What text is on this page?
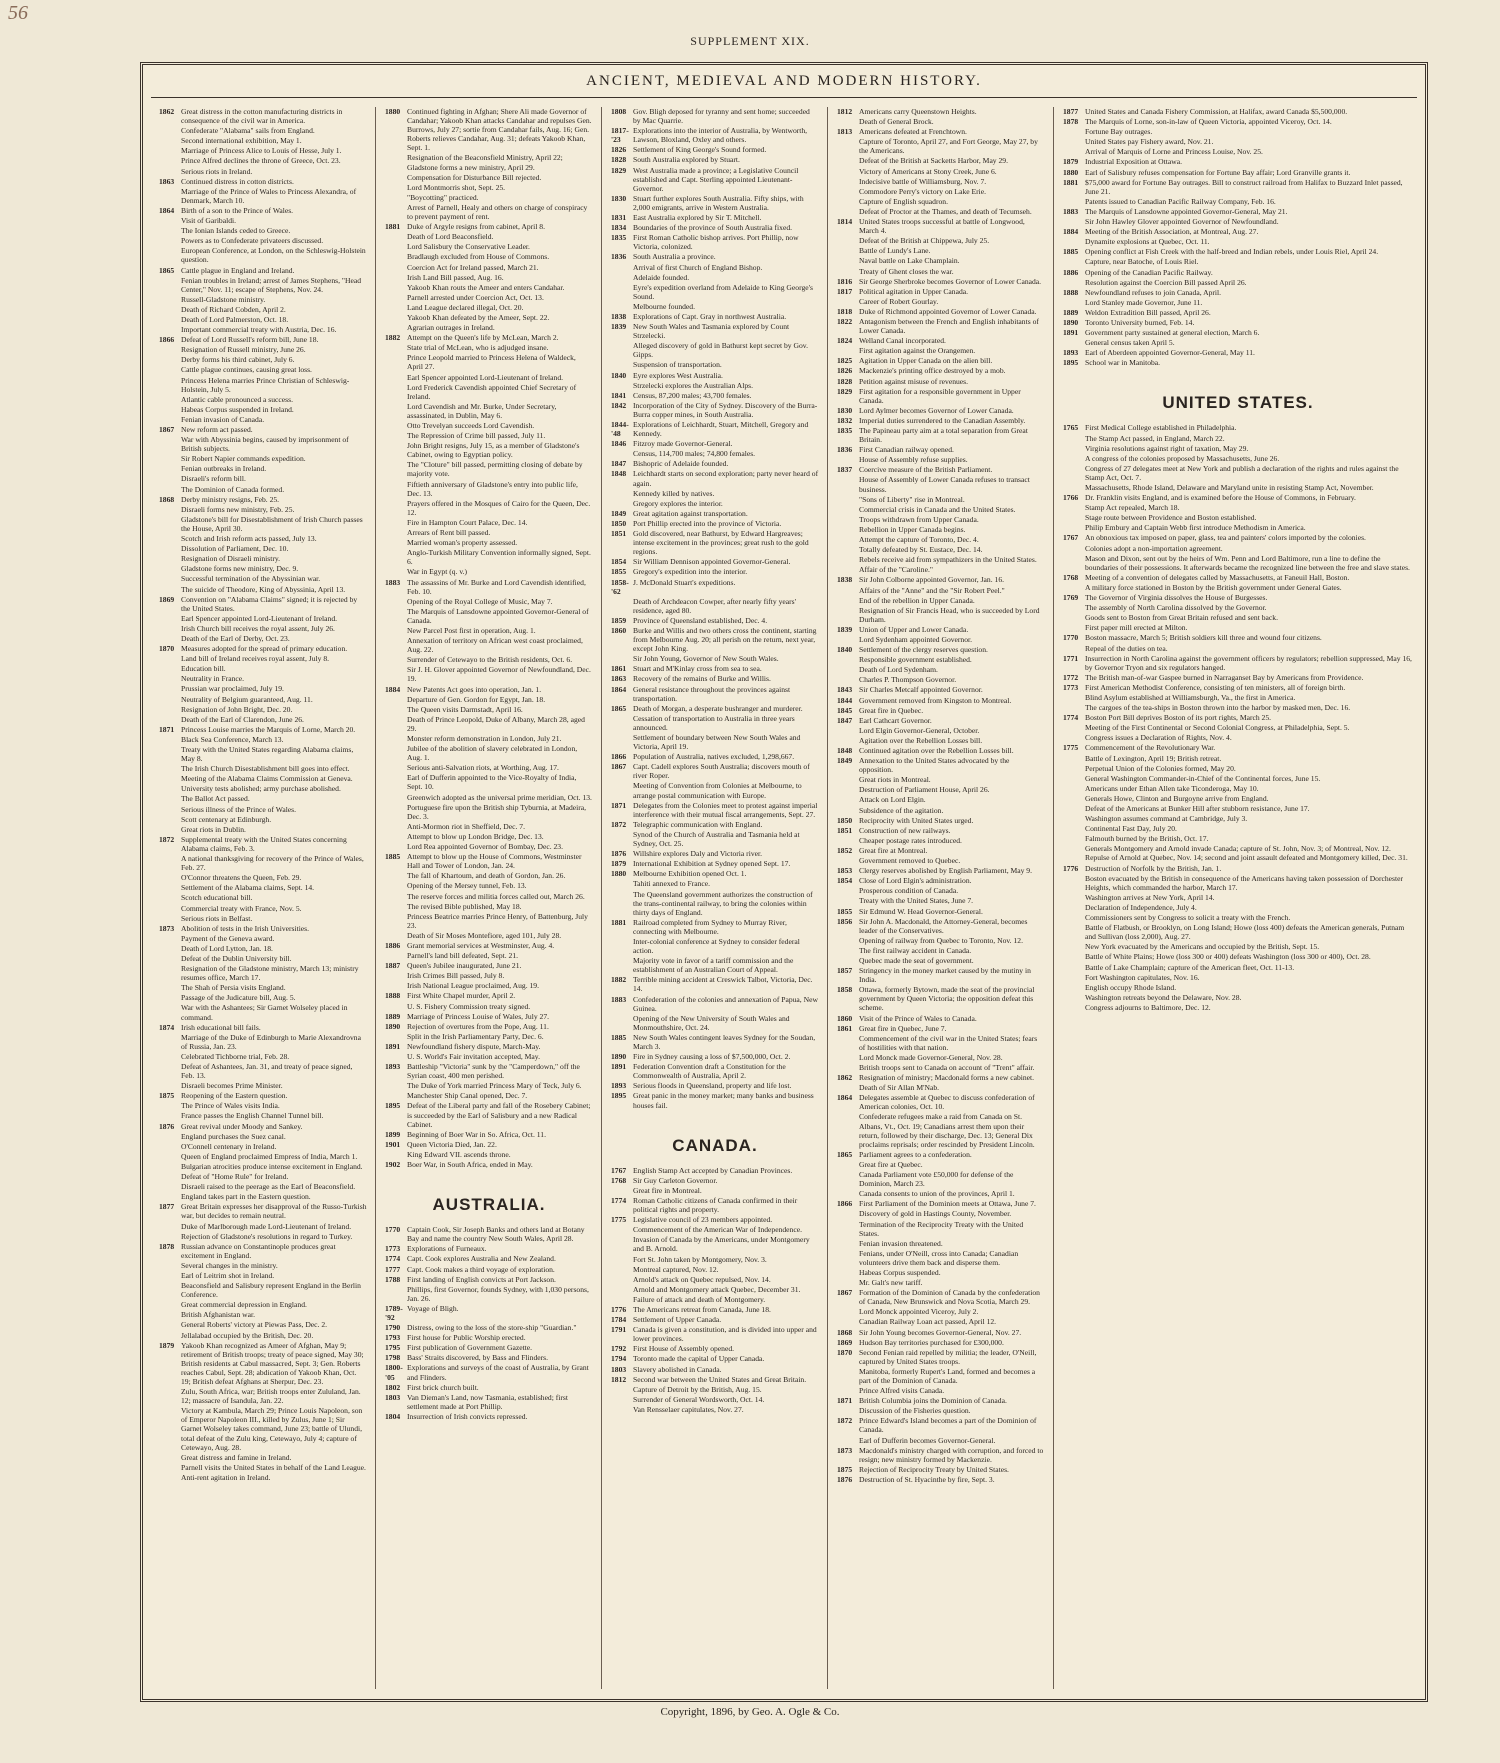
56
SUPPLEMENT XIX.
ANCIENT, MEDIEVAL AND MODERN HISTORY.
1862 Great distress in the cotton manufacturing districts in consequence of the civil war in America.
Confederate "Alabama" sails from England.
Second international exhibition, May 1.
Marriage of Princess Alice to Louis of Hesse, July 1.
Prince Alfred declines the throne of Greece, Oct. 23.
Serious riots in Ireland.
1863 Continued distress in cotton districts.
Marriage of the Prince of Wales to Princess Alexandra, of Denmark, March 10.
1864 Birth of a son to the Prince of Wales.
Visit of Garibaldi.
The Ionian Islands ceded to Greece.
Powers as to Confederate privateers discussed.
European Conference, at London, on the Schleswig-Holstein question.
1865 Cattle plague in England and Ireland.
Fenian troubles in Ireland; arrest of James Stephens, "Head Center," Nov. 11; escape of Stephens, Nov. 24.
Russell-Gladstone ministry.
Death of Richard Cobden, April 2.
Death of Lord Palmerston, Oct. 18.
Important commercial treaty with Austria, Dec. 16.
1866 Defeat of Lord Russell's reform bill, June 18.
Resignation of Russell ministry, June 26.
Derby forms his third cabinet, July 6.
Cattle plague continues, causing great loss.
Princess Helena marries Prince Christian of Schleswig-Holstein, July 5.
Atlantic cable pronounced a success.
Habeas Corpus suspended in Ireland.
Fenian invasion of Canada.
1867 New reform act passed.
War with Abyssinia begins, caused by imprisonment of British subjects.
Sir Robert Napier commands expedition.
Fenian outbreaks in Ireland.
Disraeli's reform bill.
The Dominion of Canada formed.
1868 Derby ministry resigns, Feb. 25.
Disraeli forms new ministry, Feb. 25.
Gladstone's bill for Disestablishment of Irish Church passes the House, April 30.
Scotch and Irish reform acts passed, July 13.
Dissolution of Parliament, Dec. 10.
Resignation of Disraeli ministry.
Gladstone forms new ministry, Dec. 9.
Successful termination of the Abyssinian war.
The suicide of Theodore, King of Abyssinia, April 13.
1869 Convention on "Alabama Claims" signed; it is rejected by the United States.
Earl Spencer appointed Lord-Lieutenant of Ireland.
Irish Church bill receives the royal assent, July 26.
Death of the Earl of Derby, Oct. 23.
1870 Measures adopted for the spread of primary education.
Land bill of Ireland receives royal assent, July 8.
Education bill.
Neutrality in France.
Prussian war proclaimed, July 19.
Neutrality of Belgium guaranteed, Aug. 11.
Resignation of John Bright, Dec. 20.
Death of the Earl of Clarendon, June 26.
1871 Princess Louise marries the Marquis of Lorne, March 20.
Black Sea Conference, March 13.
Treaty with the United States regarding Alabama claims, May 8.
The Irish Church Disestablishment bill goes into effect.
Meeting of the Alabama Claims Commission at Geneva.
University tests abolished; army purchase abolished.
The Ballot Act passed.
Serious illness of the Prince of Wales.
Scott centenary at Edinburgh.
Great riots in Dublin.
1872 Supplemental treaty with the United States concerning Alabama claims, Feb. 3.
A national thanksgiving for recovery of the Prince of Wales, Feb. 27.
O'Connor threatens the Queen, Feb. 29.
Settlement of the Alabama claims, Sept. 14.
Scotch educational bill.
Commercial treaty with France, Nov. 5.
Serious riots in Belfast.
1873 Abolition of tests in the Irish Universities.
Payment of the Geneva award.
Death of Lord Lytton, Jan. 18.
Defeat of the Dublin University bill.
Resignation of the Gladstone ministry, March 13; ministry resumes office, March 17.
The Shah of Persia visits England.
Passage of the Judicature bill, Aug. 5.
War with the Ashantees; Sir Garnet Wolseley placed in command.
1874 Irish educational bill fails.
Marriage of the Duke of Edinburgh to Marie Alexandrovna of Russia, Jan. 23.
Celebrated Tichborne trial, Feb. 28.
Defeat of Ashantees, Jan. 31, and treaty of peace signed, Feb. 13.
Disraeli becomes Prime Minister.
1875 Reopening of the Eastern question.
The Prince of Wales visits India.
France passes the English Channel Tunnel bill.
1876 Great revival under Moody and Sankey.
England purchases the Suez canal.
O'Connell centenary in Ireland.
Queen of England proclaimed Empress of India, March 1.
Bulgarian atrocities produce intense excitement in England.
Defeat of "Home Rule" for Ireland.
Disraeli raised to the peerage as the Earl of Beaconsfield.
England takes part in the Eastern question.
1877 Great Britain expresses her disapproval of the Russo-Turkish war, but decides to remain neutral.
Duke of Marlborough made Lord-Lieutenant of Ireland.
Rejection of Gladstone's resolutions in regard to Turkey.
1878 Russian advance on Constantinople produces great excitement in England.
Several changes in the ministry.
Earl of Leitrim shot in Ireland.
Beaconsfield and Salisbury represent England in the Berlin Conference.
Great commercial depression in England.
British Afghanistan war.
General Roberts' victory at Piewas Pass, Dec. 2.
Jellalabad occupied by the British, Dec. 20.
1879 Yakoob Khan recognized as Ameer of Afghan, May 9; retirement of British troops; treaty of peace signed, May 30; British residents at Cabul massacred, Sept. 3; Gen. Roberts reaches Cabul, Sept. 28; abdication of Yakoob Khan, Oct. 19; British defeat Afghans at Sherpur, Dec. 23.
Zulu, South Africa, war; British troops enter Zululand, Jan. 12; massacre of Isandula, Jan. 22.
Victory at Kambula, March 29; Prince Louis Napoleon, son of Emperor Napoleon III., killed by Zulus, June 1; Sir Garnet Wolseley takes command, June 23; battle of Ulundi, total defeat of the Zulu king, Cetewayo, July 4; capture of Cetewayo, Aug. 28.
Great distress and famine in Ireland.
Parnell visits the United States in behalf of the Land League.
Anti-rent agitation in Ireland.
1880 Continued fighting in Afghan; Shere Ali made Governor of Candahar; Yakoob Khan attacks Candahar and repulses Gen. Burrows, July 27; sortie from Candahar fails, Aug. 16; Gen. Roberts relieves Candahar, Aug. 31; defeats Yakoob Khan, Sept. 1.
Resignation of the Beaconsfield Ministry, April 22; Gladstone forms a new ministry, April 29.
Compensation for Disturbance Bill rejected.
Lord Montmorris shot, Sept. 25.
"Boycotting" practiced.
Arrest of Parnell, Healy and others on charge of conspiracy to prevent payment of rent.
1881 Duke of Argyle resigns from cabinet, April 8.
Death of Lord Beaconsfield.
Lord Salisbury the Conservative Leader.
Bradlaugh excluded from House of Commons.
Coercion Act for Ireland passed, March 21.
Irish Land Bill passed, Aug. 16.
Yakoob Khan routs the Ameer and enters Candahar.
Parnell arrested under Coercion Act, Oct. 13.
Land League declared illegal, Oct. 20.
Yakoob Khan defeated by the Ameer, Sept. 22.
Agrarian outrages in Ireland.
1882 Attempt on the Queen's life by McLean, March 2.
State trial of McLean, who is adjudged insane.
Prince Leopold married to Princess Helena of Waldeck, April 27.
Earl Spencer appointed Lord-Lieutenant of Ireland.
Lord Frederick Cavendish appointed Chief Secretary of Ireland.
Lord Cavendish and Mr. Burke, Under Secretary, assassinated, in Dublin, May 6.
Otto Trevelyan succeeds Lord Cavendish.
The Repression of Crime bill passed, July 11.
John Bright resigns, July 15, as a member of Gladstone's Cabinet, owing to Egyptian policy.
The "Cloture" bill passed, permitting closing of debate by majority vote.
Fiftieth anniversary of Gladstone's entry into public life, Dec. 13.
Prayers offered in the Mosques of Cairo for the Queen, Dec. 12.
Fire in Hampton Court Palace, Dec. 14.
Arrears of Rent bill passed.
Married woman's property assessed.
Anglo-Turkish Military Convention informally signed, Sept. 6.
War in Egypt (q. v.)
1883 The assassins of Mr. Burke and Lord Cavendish identified, Feb. 10.
Opening of the Royal College of Music, May 7.
The Marquis of Lansdowne appointed Governor-General of Canada.
New Parcel Post first in operation, Aug. 1.
Annexation of territory on African west coast proclaimed, Aug. 22.
Surrender of Cetewayo to the British residents, Oct. 6.
Sir J. H. Glover appointed Governor of Newfoundland, Dec. 19.
1884 New Patents Act goes into operation, Jan. 1.
Departure of Gen. Gordon for Egypt, Jan. 18.
The Queen visits Darmstadt, April 16.
Death of Prince Leopold, Duke of Albany, March 28, aged 29.
Monster reform demonstration in London, July 21.
Jubilee of the abolition of slavery celebrated in London, Aug. 1.
Serious anti-Salvation riots, at Worthing, Aug. 17.
Earl of Dufferin appointed to the Vice-Royalty of India, Sept. 10.
Greenwich adopted as the universal prime meridian, Oct. 13.
Portuguese fire upon the British ship Tyburnia, at Madeira, Dec. 3.
Anti-Mormon riot in Sheffield, Dec. 7.
Attempt to blow up London Bridge, Dec. 13.
Lord Rea appointed Governor of Bombay, Dec. 23.
1885 Attempt to blow up the House of Commons, Westminster Hall and Tower of London, Jan. 24.
The fall of Khartoum, and death of Gordon, Jan. 26.
Opening of the Mersey tunnel, Feb. 13.
The reserve forces and militia forces called out, March 26.
The revised Bible published, May 18.
Princess Beatrice marries Prince Henry, of Battenburg, July 23.
Death of Sir Moses Montefiore, aged 101, July 28.
1886 Grant memorial services at Westminster, Aug. 4.
Parnell's land bill defeated, Sept. 21.
1887 Queen's Jubilee inaugurated, June 21.
Irish Crimes Bill passed, July 8.
Irish National League proclaimed, Aug. 19.
1888 First White Chapel murder, April 2.
U. S. Fishery Commission treaty signed.
1889 Marriage of Princess Louise of Wales, July 27.
1890 Rejection of overtures from the Pope, Aug. 11.
Split in the Irish Parliamentary Party, Dec. 6.
1891 Newfoundland fishery dispute, March-May.
U. S. World's Fair invitation accepted, May.
1893 Battleship "Victoria" sunk by the "Camperdown," off the Syrian coast, 400 men perished.
The Duke of York married Princess Mary of Teck, July 6.
Manchester Ship Canal opened, Dec. 7.
1895 Defeat of the Liberal party and fall of the Rosebery Cabinet; is succeeded by the Earl of Salisbury and a new Radical Cabinet.
1899 Beginning of Boer War in So. Africa, Oct. 11.
1901 Queen Victoria Died, Jan. 22.
King Edward VII. ascends throne.
1902 Boer War, in South Africa, ended in May.
AUSTRALIA.
1770 Captain Cook, Sir Joseph Banks and others land at Botany Bay and name the country New South Wales, April 28.
1773 Explorations of Furneaux.
1774 Capt. Cook explores Australia and New Zealand.
1777 Capt. Cook makes a third voyage of exploration.
1788 First landing of English convicts at Port Jackson.
Phillips, first Governor, founds Sydney, with 1,030 persons, Jan. 26.
1789-'92
Voyage of Bligh.
1790 Distress, owing to the loss of the store-ship "Guardian."
1793 First house for Public Worship erected.
1795 First publication of Government Gazette.
1798 Bass' Straits discovered, by Bass and Flinders.
1800-'05
Explorations and surveys of the coast of Australia, by Grant and Flinders.
1802 First brick church built.
1803 Van Dieman's Land, now Tasmania, established; first settlement made at Port Phillip.
1804 Insurrection of Irish convicts repressed.
1808 Gov. Bligh deposed for tyranny and sent home; succeeded by Mac Quarrie.
1817-'23
Explorations into the interior of Australia, by Wentworth, Lawson, Bloxland, Oxley and others.
1826 Settlement of King George's Sound formed.
1828 South Australia explored by Stuart.
1829 West Australia made a province; a Legislative Council established and Capt. Sterling appointed Lieutenant-Governor.
1830 Stuart further explores South Australia. Fifty ships, with 2,000 emigrants, arrive in Western Australia.
1831 East Australia explored by Sir T. Mitchell.
1834 Boundaries of the province of South Australia fixed.
1835 First Roman Catholic bishop arrives. Port Phillip, now Victoria, colonized.
1836 South Australia a province.
Arrival of first Church of England Bishop.
Adelaide founded.
Eyre's expedition overland from Adelaide to King George's Sound.
Melbourne founded.
1838 Explorations of Capt. Gray in northwest Australia.
1839 New South Wales and Tasmania explored by Count Strzelecki.
Alleged discovery of gold in Bathurst kept secret by Gov. Gipps.
Suspension of transportation.
1840 Eyre explores West Australia.
Strzelecki explores the Australian Alps.
1841 Census, 87,200 males; 43,700 females.
1842 Incorporation of the City of Sydney. Discovery of the Burra-Burra copper mines, in South Australia.
1844-'48
Explorations of Leichhardt, Stuart, Mitchell, Gregory and Kennedy.
1846 Fitzroy made Governor-General.
Census, 114,700 males; 74,800 females.
1847 Bishopric of Adelaide founded.
1848 Leichhardt starts on second exploration; party never heard of again.
Kennedy killed by natives.
Gregory explores the interior.
1849 Great agitation against transportation.
1850 Port Phillip erected into the province of Victoria.
1851 Gold discovered, near Bathurst, by Edward Hargreaves; intense excitement in the provinces; great rush to the gold regions.
1854 Sir William Dennison appointed Governor-General.
1855 Gregory's expedition into the interior.
1858-'62
J. McDonald Stuart's expeditions.
Death of Archdeacon Cowper, after nearly fifty years' residence, aged 80.
1859 Province of Queensland established, Dec. 4.
1860 Burke and Willis and two others cross the continent, starting from Melbourne Aug. 20; all perish on the return, next year, except John King.
Sir John Young, Governor of New South Wales.
1861 Stuart and M'Kinlay cross from sea to sea.
1863 Recovery of the remains of Burke and Willis.
1864 General resistance throughout the provinces against transportation.
1865 Death of Morgan, a desperate bushranger and murderer.
Cessation of transportation to Australia in three years announced.
Settlement of boundary between New South Wales and Victoria, April 19.
1866 Population of Australia, natives excluded, 1,298,667.
1867 Capt. Cadell explores South Australia; discovers mouth of river Roper.
Meeting of Convention from Colonies at Melbourne, to arrange postal communication with Europe.
1871 Delegates from the Colonies meet to protest against imperial interference with their mutual fiscal arrangements, Sept. 27.
1872 Telegraphic communication with England.
Synod of the Church of Australia and Tasmania held at Sydney, Oct. 25.
1876 Willshire explores Daly and Victoria river.
1879 International Exhibition at Sydney opened Sept. 17.
1880 Melbourne Exhibition opened Oct. 1.
Tahiti annexed to France.
The Queensland government authorizes the construction of the trans-continental railway, to bring the colonies within thirty days of England.
1881 Railroad completed from Sydney to Murray River, connecting with Melbourne.
Inter-colonial conference at Sydney to consider federal action.
Majority vote in favor of a tariff commission and the establishment of an Australian Court of Appeal.
1882 Terrible mining accident at Creswick Talbot, Victoria, Dec. 14.
1883 Confederation of the colonies and annexation of Papua, New Guinea.
Opening of the New University of South Wales and Monmouthshire, Oct. 24.
1885 New South Wales contingent leaves Sydney for the Soudan, March 3.
1890 Fire in Sydney causing a loss of $7,500,000, Oct. 2.
1891 Federation Convention draft a Constitution for the Commonwealth of Australia, April 2.
1893 Serious floods in Queensland, property and life lost.
1895 Great panic in the money market; many banks and business houses fail.
CANADA.
1767 English Stamp Act accepted by Canadian Provinces.
1768 Sir Guy Carleton Governor.
Great fire in Montreal.
1774 Roman Catholic citizens of Canada confirmed in their political rights and property.
1775 Legislative council of 23 members appointed.
Commencement of the American War of Independence.
Invasion of Canada by the Americans, under Montgomery and B. Arnold.
Fort St. John taken by Montgomery, Nov. 3.
Montreal captured, Nov. 12.
Arnold's attack on Quebec repulsed, Nov. 14.
Arnold and Montgomery attack Quebec, December 31.
Failure of attack and death of Montgomery.
1776 The Americans retreat from Canada, June 18.
1784 Settlement of Upper Canada.
1791 Canada is given a constitution, and is divided into upper and lower provinces.
1792 First House of Assembly opened.
1794 Toronto made the capital of Upper Canada.
1803 Slavery abolished in Canada.
1812 Second war between the United States and Great Britain.
Capture of Detroit by the British, Aug. 15.
Surrender of General Wordsworth, Oct. 14.
Van Rensselaer capitulates, Nov. 27.
1812 Americans carry Queenstown Heights.
Death of General Brock.
1813 Americans defeated at Frenchtown.
Capture of Toronto, April 27, and Fort George, May 27, by the Americans.
Defeat of the British at Sacketts Harbor, May 29.
Victory of Americans at Stony Creek, June 6.
Indecisive battle of Williamsburg, Nov. 7.
Commodore Perry's victory on Lake Erie.
Capture of English squadron.
Defeat of Proctor at the Thames, and death of Tecumseh.
1814 United States troops successful at battle of Longwood, March 4.
Defeat of the British at Chippewa, July 25.
Battle of Lundy's Lane.
Naval battle on Lake Champlain.
Treaty of Ghent closes the war.
1816 Sir George Sherbroke becomes Governor of Lower Canada.
1817 Political agitation in Upper Canada.
Career of Robert Gourlay.
1818 Duke of Richmond appointed Governor of Lower Canada.
1822 Antagonism between the French and English inhabitants of Lower Canada.
1824 Welland Canal incorporated.
First agitation against the Orangemen.
1825 Agitation in Upper Canada on the alien bill.
1826 Mackenzie's printing office destroyed by a mob.
1828 Petition against misuse of revenues.
1829 First agitation for a responsible government in Upper Canada.
1830 Lord Aylmer becomes Governor of Lower Canada.
1832 Imperial duties surrendered to the Canadian Assembly.
1835 The Papineau party aim at a total separation from Great Britain.
1836 First Canadian railway opened.
House of Assembly refuse supplies.
1837 Coercive measure of the British Parliament.
House of Assembly of Lower Canada refuses to transact business.
"Sons of Liberty" rise in Montreal.
Commercial crisis in Canada and the United States.
Troops withdrawn from Upper Canada.
Rebellion in Upper Canada begins.
Attempt the capture of Toronto, Dec. 4.
Totally defeated by St. Eustace, Dec. 14.
Rebels receive aid from sympathizers in the United States.
Affair of the "Caroline."
1838 Sir John Colborne appointed Governor, Jan. 16.
Affairs of the "Anne" and the "Sir Robert Peel."
End of the rebellion in Upper Canada.
Resignation of Sir Francis Head, who is succeeded by Lord Durham.
1839 Union of Upper and Lower Canada.
Lord Sydenham appointed Governor.
1840 Settlement of the clergy reserves question.
Responsible government established.
Death of Lord Sydenham.
Charles P. Thompson Governor.
1843 Sir Charles Metcalf appointed Governor.
1844 Government removed from Kingston to Montreal.
1845 Great fire in Quebec.
1847 Earl Cathcart Governor.
Lord Elgin Governor-General, October.
Agitation over the Rebellion Losses bill.
1848 Continued agitation over the Rebellion Losses bill.
1849 Annexation to the United States advocated by the opposition.
Great riots in Montreal.
Destruction of Parliament House, April 26.
Attack on Lord Elgin.
Subsidence of the agitation.
1850 Reciprocity with United States urged.
1851 Construction of new railways.
Cheaper postage rates introduced.
1852 Great fire at Montreal.
Government removed to Quebec.
1853 Clergy reserves abolished by English Parliament, May 9.
1854 Close of Lord Elgin's administration.
Prosperous condition of Canada.
Treaty with the United States, June 7.
1855 Sir Edmund W. Head Governor-General.
1856 Sir John A. Macdonald, the Attorney-General, becomes leader of the Conservatives.
Opening of railway from Quebec to Toronto, Nov. 12.
The first railway accident in Canada.
Quebec made the seat of government.
1857 Stringency in the money market caused by the mutiny in India.
1858 Ottawa, formerly Bytown, made the seat of the provincial government by Queen Victoria; the opposition defeat this scheme.
1860 Visit of the Prince of Wales to Canada.
1861 Great fire in Quebec, June 7.
Commencement of the civil war in the United States; fears of hostilities with that nation.
Lord Monck made Governor-General, Nov. 28.
British troops sent to Canada on account of "Trent" affair.
1862 Resignation of ministry; Macdonald forms a new cabinet.
Death of Sir Allan M'Nab.
1864 Delegates assemble at Quebec to discuss confederation of American colonies, Oct. 10.
Confederate refugees make a raid from Canada on St. Albans, Vt., Oct. 19; Canadians arrest them upon their return, followed by their discharge, Dec. 13; General Dix proclaims reprisals; order rescinded by President Lincoln.
1865 Parliament agrees to a confederation.
Great fire at Quebec.
Canada Parliament vote £50,000 for defense of the Dominion, March 23.
Canada consents to union of the provinces, April 1.
1866 First Parliament of the Dominion meets at Ottawa, June 7.
Discovery of gold in Hastings County, November.
Termination of the Reciprocity Treaty with the United States.
Fenian invasion threatened.
Fenians, under O'Neill, cross into Canada; Canadian volunteers drive them back and disperse them.
Habeas Corpus suspended.
Mr. Galt's new tariff.
1867 Formation of the Dominion of Canada by the confederation of Canada, New Brunswick and Nova Scotia, March 29.
Lord Monck appointed Viceroy, July 2.
Canadian Railway Loan act passed, April 12.
1868 Sir John Young becomes Governor-General, Nov. 27.
1869 Hudson Bay territories purchased for £300,000.
1870 Second Fenian raid repelled by militia; the leader, O'Neill, captured by United States troops.
Manitoba, formerly Rupert's Land, formed and becomes a part of the Dominion of Canada.
Prince Alfred visits Canada.
1871 British Columbia joins the Dominion of Canada.
Discussion of the Fisheries question.
1872 Prince Edward's Island becomes a part of the Dominion of Canada.
Earl of Dufferin becomes Governor-General.
1873 Macdonald's ministry charged with corruption, and forced to resign; new ministry formed by Mackenzie.
1875 Rejection of Reciprocity Treaty by United States.
1876 Destruction of St. Hyacinthe by fire, Sept. 3.
1877 United States and Canada Fishery Commission, at Halifax, award Canada $5,500,000.
1878 The Marquis of Lorne, son-in-law of Queen Victoria, appointed Viceroy, Oct. 14.
Fortune Bay outrages.
United States pay Fishery award, Nov. 21.
Arrival of Marquis of Lorne and Princess Louise, Nov. 25.
1879 Industrial Exposition at Ottawa.
1880 Earl of Salisbury refuses compensation for Fortune Bay affair; Lord Granville grants it.
1881 $75,000 award for Fortune Bay outrages. Bill to construct railroad from Halifax to Buzzard Inlet passed, June 21.
Patents issued to Canadian Pacific Railway Company, Feb. 16.
1883 The Marquis of Lansdowne appointed Governor-General, May 21.
Sir John Hawley Glover appointed Governor of Newfoundland.
1884 Meeting of the British Association, at Montreal, Aug. 27.
Dynamite explosions at Quebec, Oct. 11.
1885 Opening conflict at Fish Creek with the half-breed and Indian rebels, under Louis Riel, April 24.
Capture, near Batoche, of Louis Riel.
1886 Opening of the Canadian Pacific Railway.
Resolution against the Coercion Bill passed April 26.
1888 Newfoundland refuses to join Canada, April.
Lord Stanley made Governor, June 11.
1889 Weldon Extradition Bill passed, April 26.
1890 Toronto University burned, Feb. 14.
1891 Government party sustained at general election, March 6.
General census taken April 5.
1893 Earl of Aberdeen appointed Governor-General, May 11.
1895 School war in Manitoba.
UNITED STATES.
1765 First Medical College established in Philadelphia.
The Stamp Act passed, in England, March 22.
Virginia resolutions against right of taxation, May 29.
A congress of the colonies proposed by Massachusetts, June 26.
Congress of 27 delegates meet at New York and publish a declaration of the rights and rules against the Stamp Act, Oct. 7.
Massachusetts, Rhode Island, Delaware and Maryland unite in resisting Stamp Act, November.
1766 Dr. Franklin visits England, and is examined before the House of Commons, in February.
Stamp Act repealed, March 18.
Stage route between Providence and Boston established.
Philip Embury and Captain Webb first introduce Methodism in America.
1767 An obnoxious tax imposed on paper, glass, tea and painters' colors imported by the colonies.
Colonies adopt a non-importation agreement.
Mason and Dixon, sent out by the heirs of Wm. Penn and Lord Baltimore, run a line to define the boundaries of their possessions. It afterwards became the recognized line between the free and slave states.
1768 Meeting of a convention of delegates called by Massachusetts, at Faneuil Hall, Boston.
A military force stationed in Boston by the British government under General Gates.
1769 The Governor of Virginia dissolves the House of Burgesses.
The assembly of North Carolina dissolved by the Governor.
Goods sent to Boston from Great Britain refused and sent back.
First paper mill erected at Milton.
1770 Boston massacre, March 5; British soldiers kill three and wound four citizens.
Repeal of the duties on tea.
1771 Insurrection in North Carolina against the government officers by regulators; rebellion suppressed, May 16, by Governor Tryon and six regulators hanged.
1772 The British man-of-war Gaspee burned in Narraganset Bay by Americans from Providence.
1773 First American Methodist Conference, consisting of ten ministers, all of foreign birth.
Blind Asylum established at Williamsburgh, Va., the first in America.
The cargoes of the tea-ships in Boston thrown into the harbor by masked men, Dec. 16.
1774 Boston Port Bill deprives Boston of its port rights, March 25.
Meeting of the First Continental or Second Colonial Congress, at Philadelphia, Sept. 5.
Congress issues a Declaration of Rights, Nov. 4.
1775 Commencement of the Revolutionary War.
Battle of Lexington, April 19; British retreat.
Perpetual Union of the Colonies formed, May 20.
General Washington Commander-in-Chief of the Continental forces, June 15.
Americans under Ethan Allen take Ticonderoga, May 10.
Generals Howe, Clinton and Burgoyne arrive from England.
Defeat of the Americans at Bunker Hill after stubborn resistance, June 17.
Washington assumes command at Cambridge, July 3.
Continental Fast Day, July 20.
Falmouth burned by the British, Oct. 17.
Generals Montgomery and Arnold invade Canada; capture of St. John, Nov. 3; of Montreal, Nov. 12. Repulse of Arnold at Quebec, Nov. 14; second and joint assault defeated and Montgomery killed, Dec. 31.
1776 Destruction of Norfolk by the British, Jan. 1.
Boston evacuated by the British in consequence of the Americans having taken possession of Dorchester Heights, which commanded the harbor, March 17.
Washington arrives at New York, April 14.
Declaration of Independence, July 4.
Commissioners sent by Congress to solicit a treaty with the French.
Battle of Flatbush, or Brooklyn, on Long Island; Howe (loss 400) defeats the American generals, Putnam and Sullivan (loss 2,000), Aug. 27.
New York evacuated by the Americans and occupied by the British, Sept. 15.
Battle of White Plains; Howe (loss 300 or 400) defeats Washington (loss 300 or 400), Oct. 28.
Battle of Lake Champlain; capture of the American fleet, Oct. 11-13.
Fort Washington capitulates, Nov. 16.
English occupy Rhode Island.
Washington retreats beyond the Delaware, Nov. 28.
Congress adjourns to Baltimore, Dec. 12.
Copyright, 1896, by Geo. A. Ogle & Co.
